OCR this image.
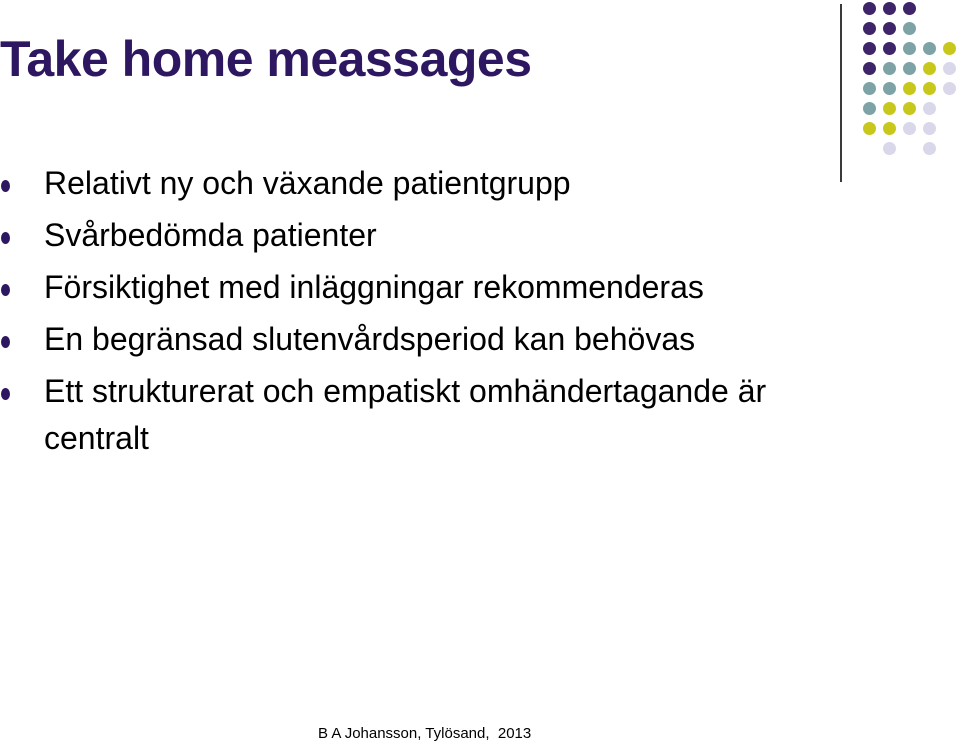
Take home meassages
Relativt ny och växande patientgrupp
Svårbedömda patienter
Försiktighet med inläggningar rekommenderas
En begränsad slutenvårdsperiod kan behövas
Ett strukturerat och empatiskt omhändertagande är centralt
B A Johansson, Tylösand,  2013
